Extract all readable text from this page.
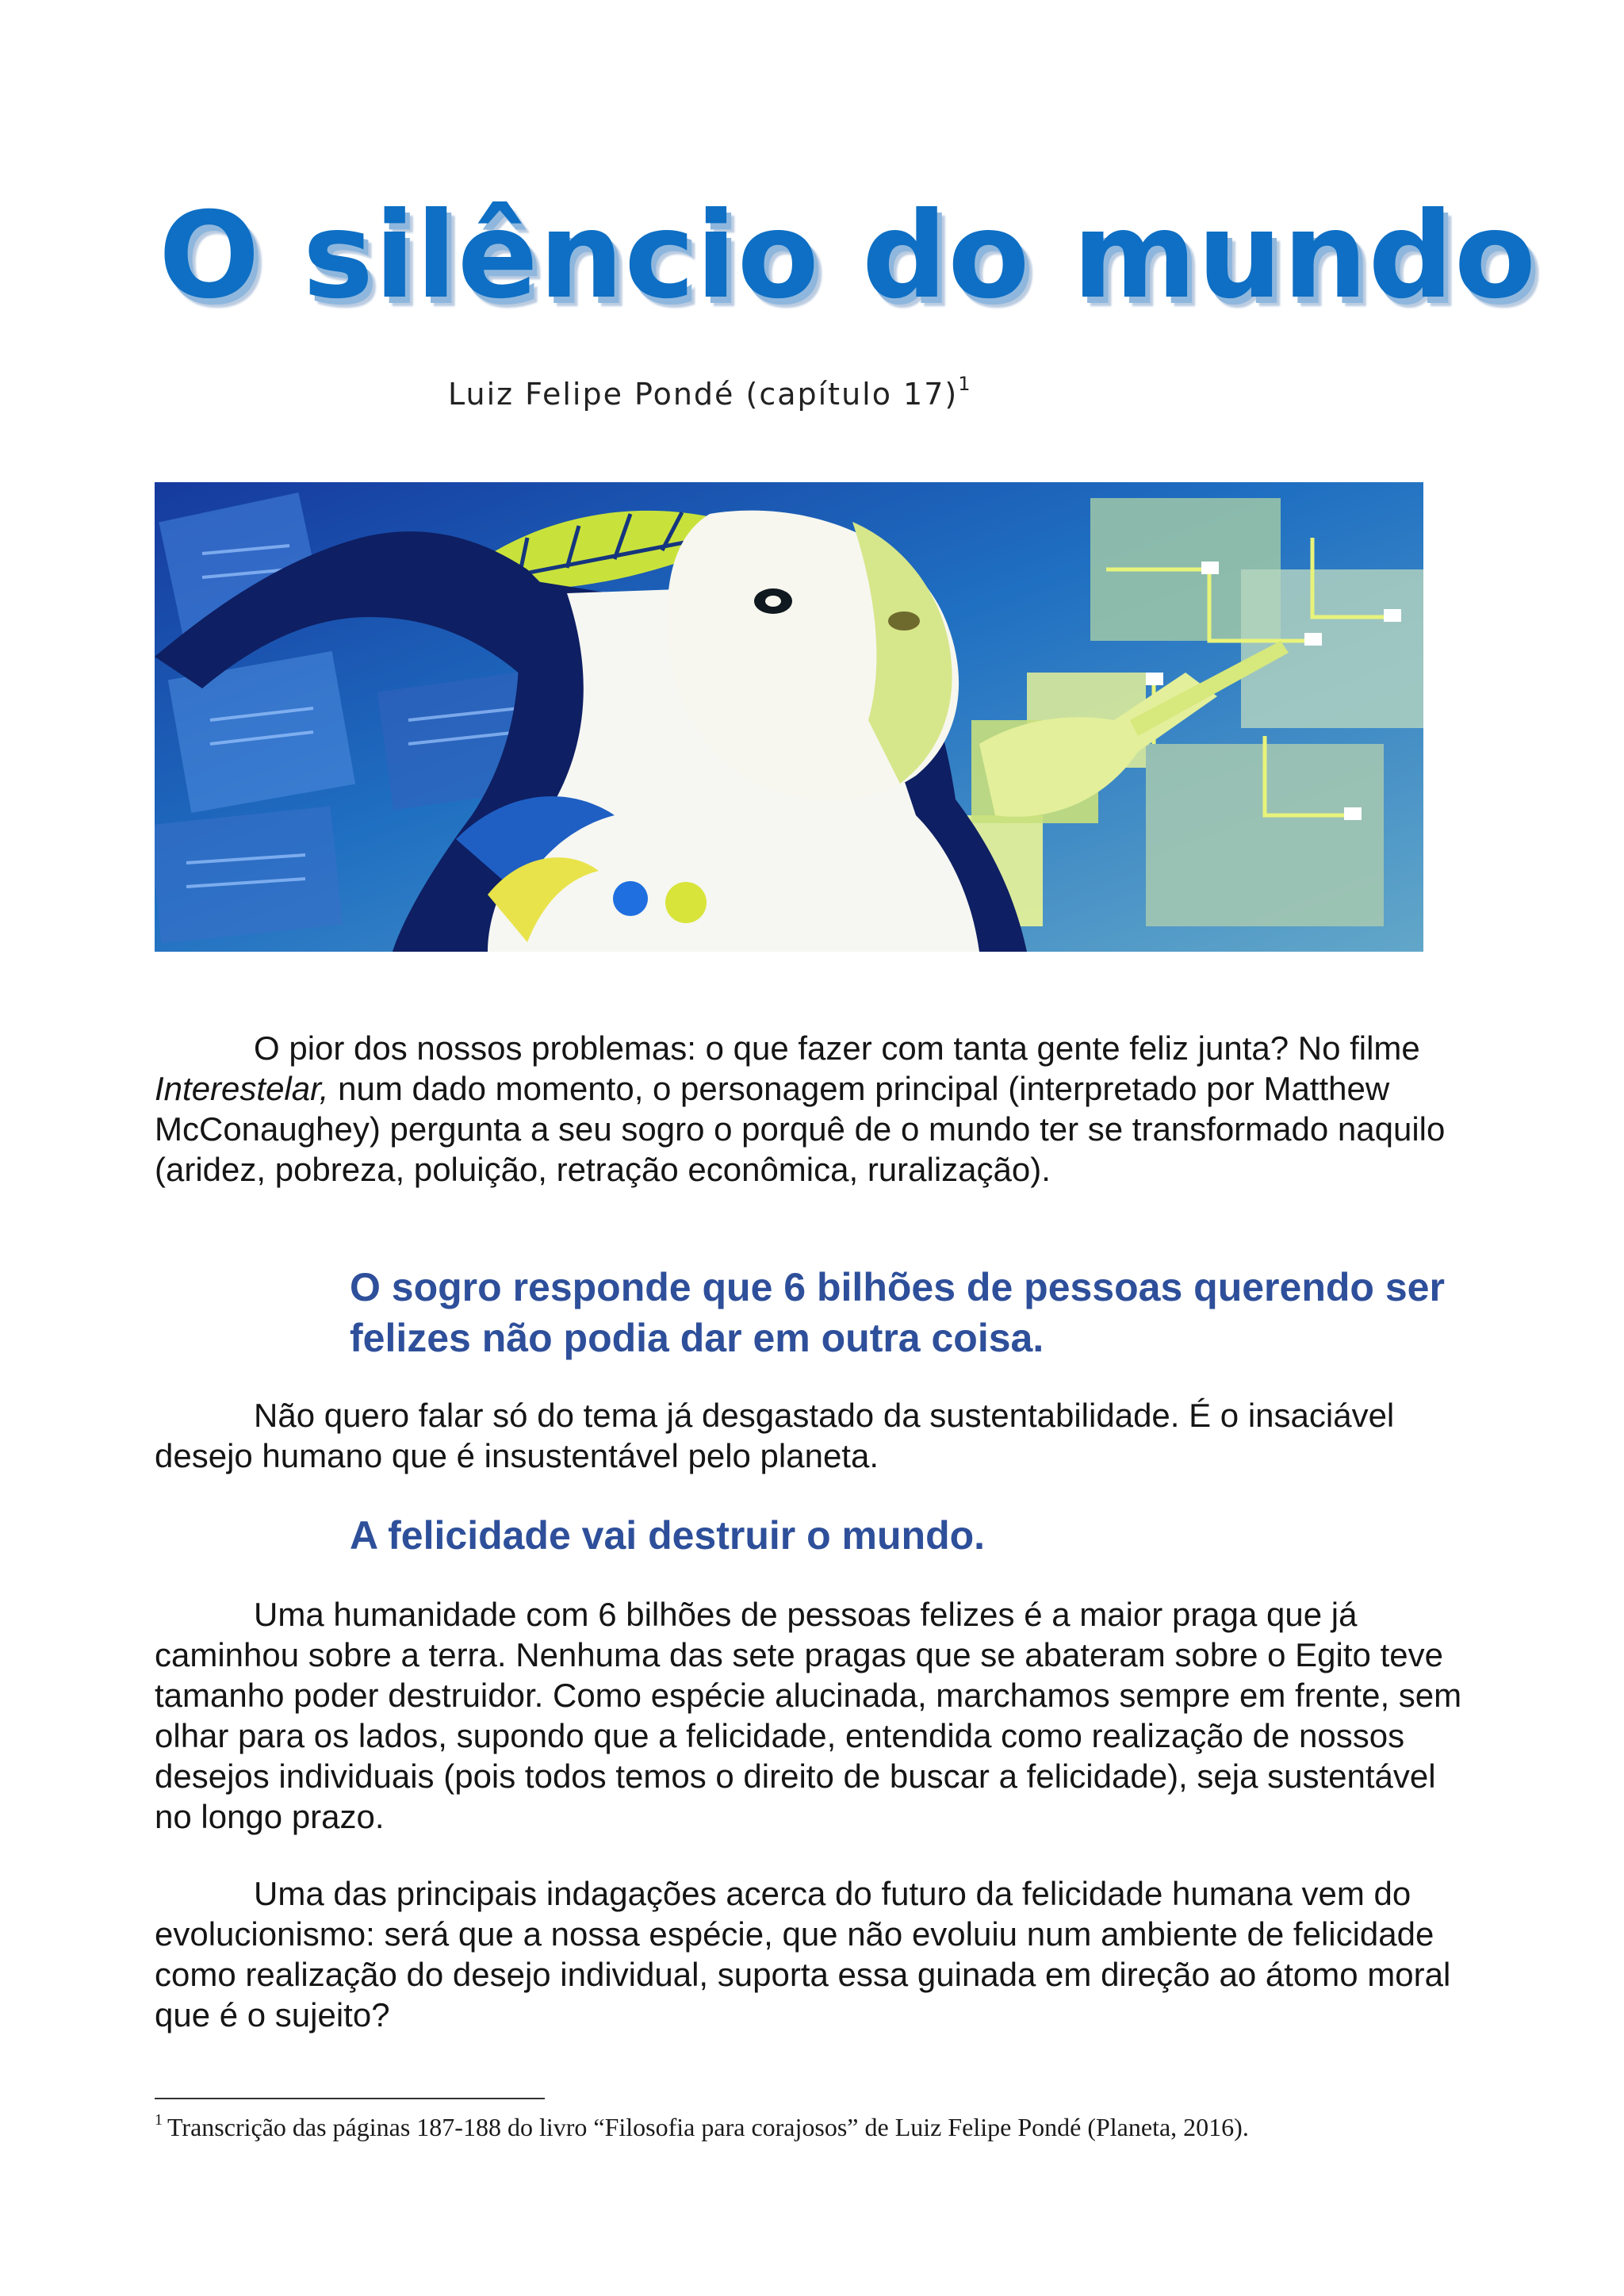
O silêncio do mundo
Luiz Felipe Pondé (capítulo 17)$^1$

O pior dos nossos problemas: o que fazer com tanta gente feliz junta? No filme Interestelar, num dado momento, o personagem principal (interpretado por Matthew McConaughey) pergunta a seu sogro o porquê de o mundo ter se transformado naquilo (aridez, pobreza, poluição, retração econômica, ruralização).

O sogro responde que 6 bilhões de pessoas querendo ser felizes não podia dar em outra coisa.

Não quero falar só do tema já desgastado da sustentabilidade. É o insaciável desejo humano que é insustentável pelo planeta.

A felicidade vai destruir o mundo.

Uma humanidade com 6 bilhões de pessoas felizes é a maior praga que já caminhou sobre a terra. Nenhuma das sete pragas que se abateram sobre o Egito teve tamanho poder destruidor. Como espécie alucinada, marchamos sempre em frente, sem olhar para os lados, supondo que a felicidade, entendida como realização de nossos desejos individuais (pois todos temos o direito de buscar a felicidade), seja sustentável no longo prazo.

Uma das principais indagações acerca do futuro da felicidade humana vem do evolucionismo: será que a nossa espécie, que não evoluiu num ambiente de felicidade como realização do desejo individual, suporta essa guinada em direção ao átomo moral que é o sujeito?

$^1$ Transcrição das páginas 187-188 do livro “Filosofia para corajosos” de Luiz Felipe Pondé (Planeta, 2016).
